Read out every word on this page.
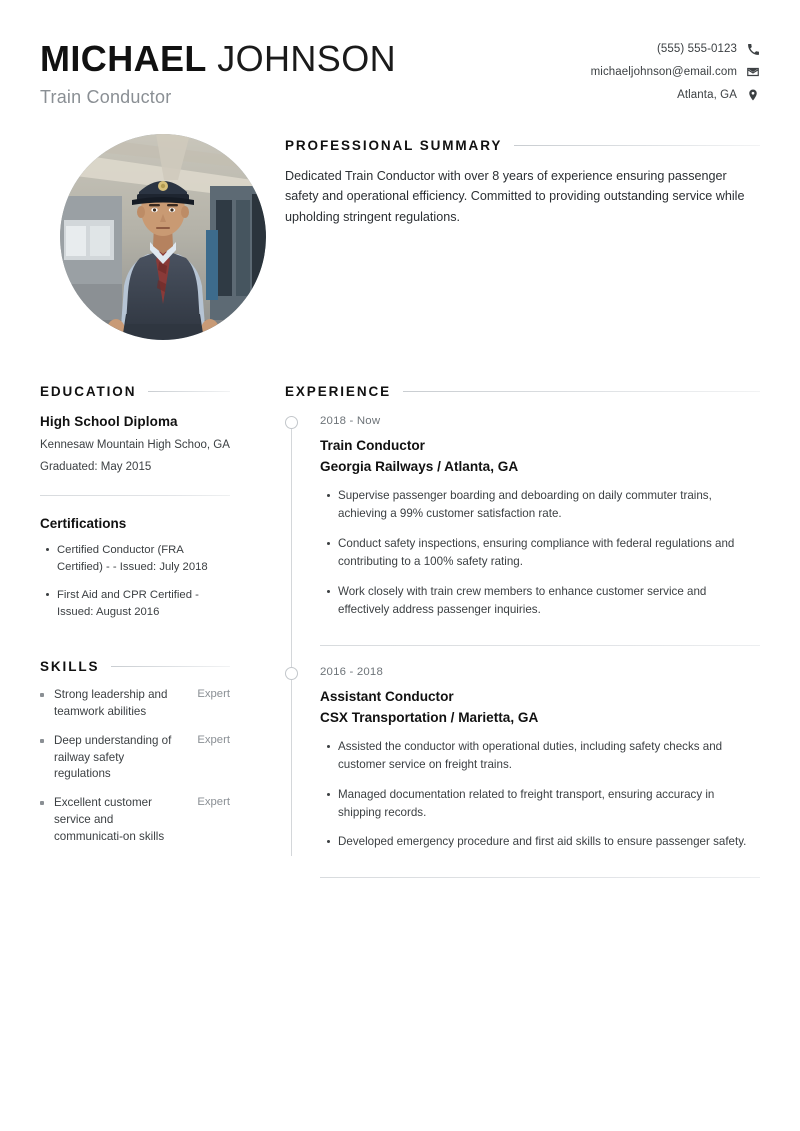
MICHAEL JOHNSON
Train Conductor
(555) 555-0123
michaeljohnson@email.com
Atlanta, GA
PROFESSIONAL SUMMARY
Dedicated Train Conductor with over 8 years of experience ensuring passenger safety and operational efficiency. Committed to providing outstanding service while upholding stringent regulations.
EDUCATION
High School Diploma
Kennesaw Mountain High Schoo, GA
Graduated: May 2015
Certifications
Certified Conductor (FRA Certified) - - Issued: July 2018
First Aid and CPR Certified - Issued: August 2016
SKILLS
Strong leadership and teamwork abilities
Expert
Deep understanding of railway safety regulations
Expert
Excellent customer service and communicati-on skills
Expert
EXPERIENCE
2018 - Now
Train Conductor
Georgia Railways / Atlanta, GA
Supervise passenger boarding and deboarding on daily commuter trains, achieving a 99% customer satisfaction rate.
Conduct safety inspections, ensuring compliance with federal regulations and contributing to a 100% safety rating.
Work closely with train crew members to enhance customer service and effectively address passenger inquiries.
2016 - 2018
Assistant Conductor
CSX Transportation / Marietta, GA
Assisted the conductor with operational duties, including safety checks and customer service on freight trains.
Managed documentation related to freight transport, ensuring accuracy in shipping records.
Developed emergency procedure and first aid skills to ensure passenger safety.
